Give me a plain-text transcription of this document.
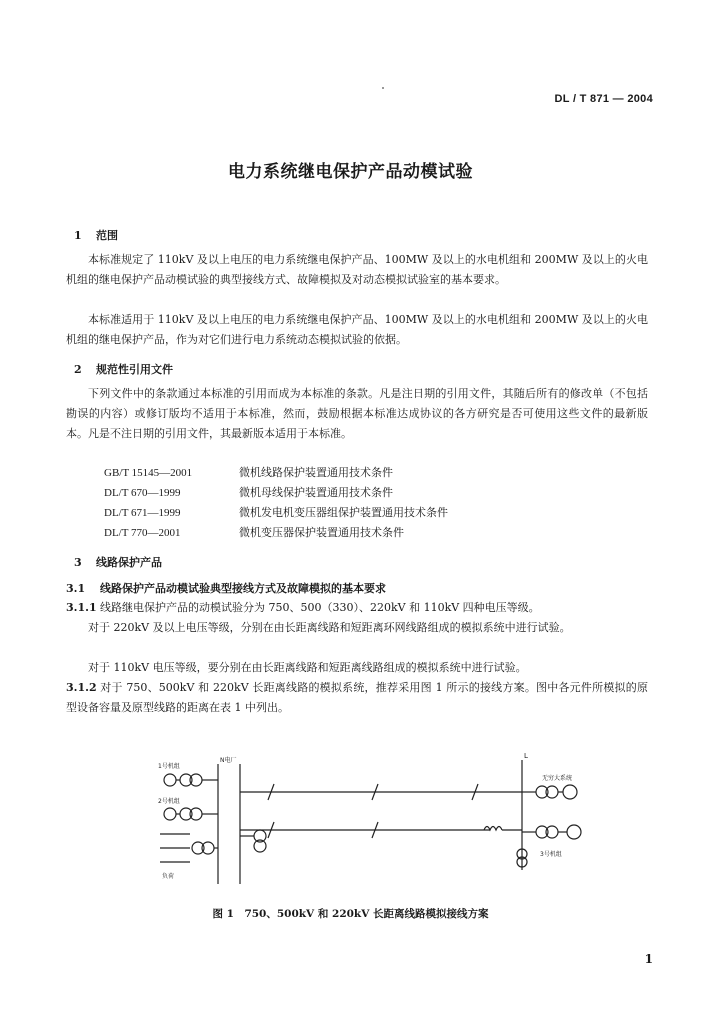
DL / T 871 — 2004
电力系统继电保护产品动模试验
1 范围
本标准规定了 110kV 及以上电压的电力系统继电保护产品、100MW 及以上的水电机组和 200MW 及以上的火电机组的继电保护产品动模试验的典型接线方式、故障模拟及对动态模拟试验室的基本要求。
本标准适用于 110kV 及以上电压的电力系统继电保护产品、100MW 及以上的水电机组和 200MW 及以上的火电机组的继电保护产品，作为对它们进行电力系统动态模拟试验的依据。
2 规范性引用文件
下列文件中的条款通过本标准的引用而成为本标准的条款。凡是注日期的引用文件，其随后所有的修改单（不包括勘误的内容）或修订版均不适用于本标准，然而，鼓励根据本标准达成协议的各方研究是否可使用这些文件的最新版本。凡是不注日期的引用文件，其最新版本适用于本标准。
GB/T 15145—2001	微机线路保护装置通用技术条件
DL/T 670—1999	微机母线保护装置通用技术条件
DL/T 671—1999	微机发电机变压器组保护装置通用技术条件
DL/T 770—2001	微机变压器保护装置通用技术条件
3 线路保护产品
3.1 线路保护产品动模试验典型接线方式及故障模拟的基本要求
3.1.1 线路继电保护产品的动模试验分为 750、500（330）、220kV 和 110kV 四种电压等级。
对于 220kV 及以上电压等级，分别在由长距离线路和短距离环网线路组成的模拟系统中进行试验。
对于 110kV 电压等级，要分别在由长距离线路和短距离线路组成的模拟系统中进行试验。
3.1.2 对于 750、500kV 和 220kV 长距离线路的模拟系统，推荐采用图 1 所示的接线方案。图中各元件所模拟的原型设备容量及原型线路的距离在表 1 中列出。
1号机组
2号机组
N电厂
L
无穷大系统
3号机组
负荷
图 1　750、500kV 和 220kV 长距离线路模拟接线方案
1
